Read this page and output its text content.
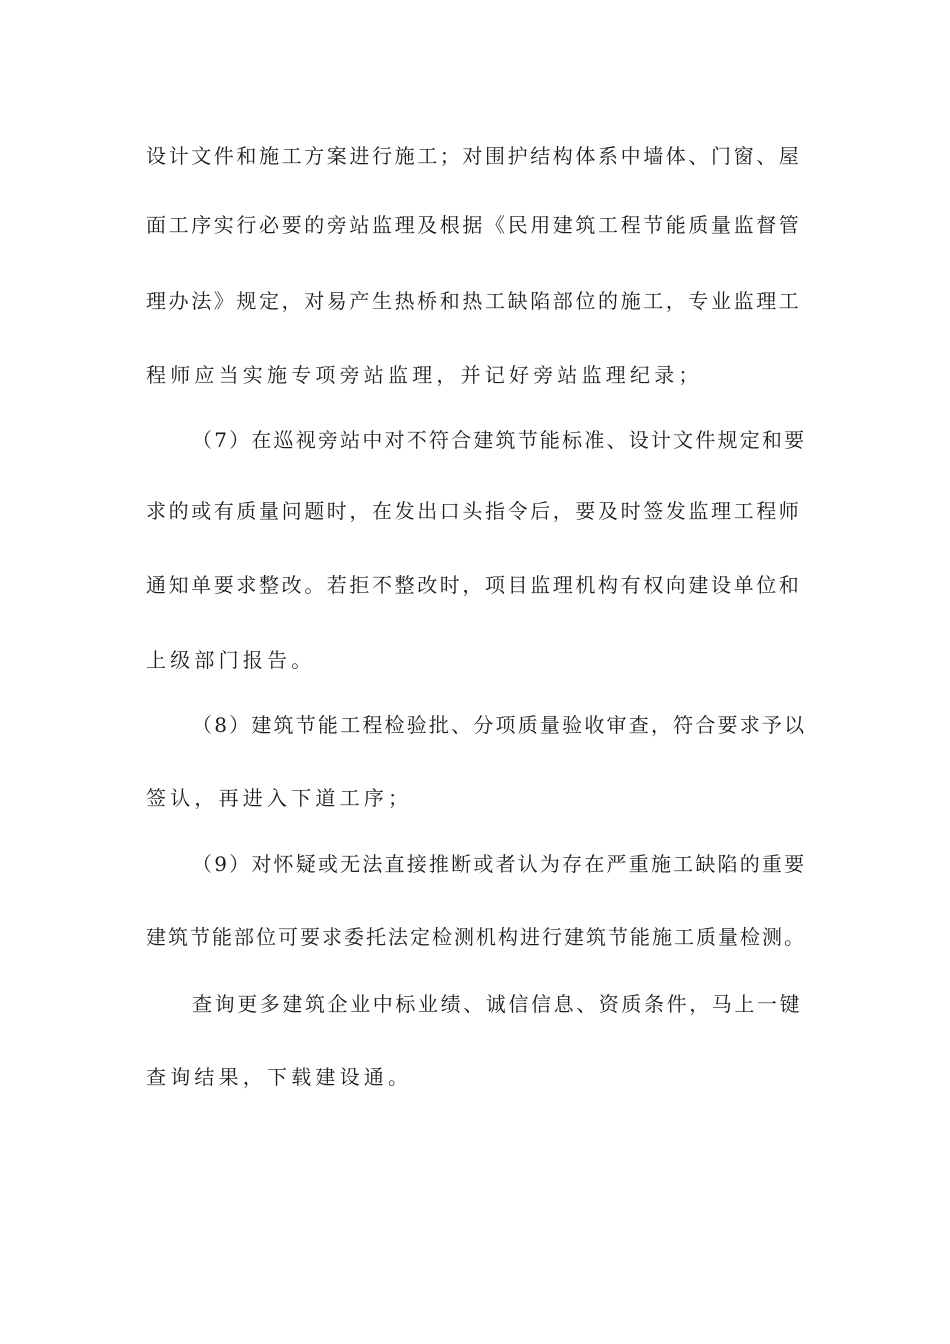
设计文件和施工方案进行施工；对围护结构体系中墙体、门窗、屋
面工序实行必要的旁站监理及根据《民用建筑工程节能质量监督管
理办法》规定，对易产生热桥和热工缺陷部位的施工，专业监理工
程师应当实施专项旁站监理，并记好旁站监理纪录；
（7）在巡视旁站中对不符合建筑节能标准、设计文件规定和要
求的或有质量问题时，在发出口头指令后，要及时签发监理工程师
通知单要求整改。若拒不整改时，项目监理机构有权向建设单位和
上级部门报告。
（8）建筑节能工程检验批、分项质量验收审查，符合要求予以
签认，再进入下道工序；
（9）对怀疑或无法直接推断或者认为存在严重施工缺陷的重要
建筑节能部位可要求委托法定检测机构进行建筑节能施工质量检测。
查询更多建筑企业中标业绩、诚信信息、资质条件，马上一键
查询结果，下载建设通。
